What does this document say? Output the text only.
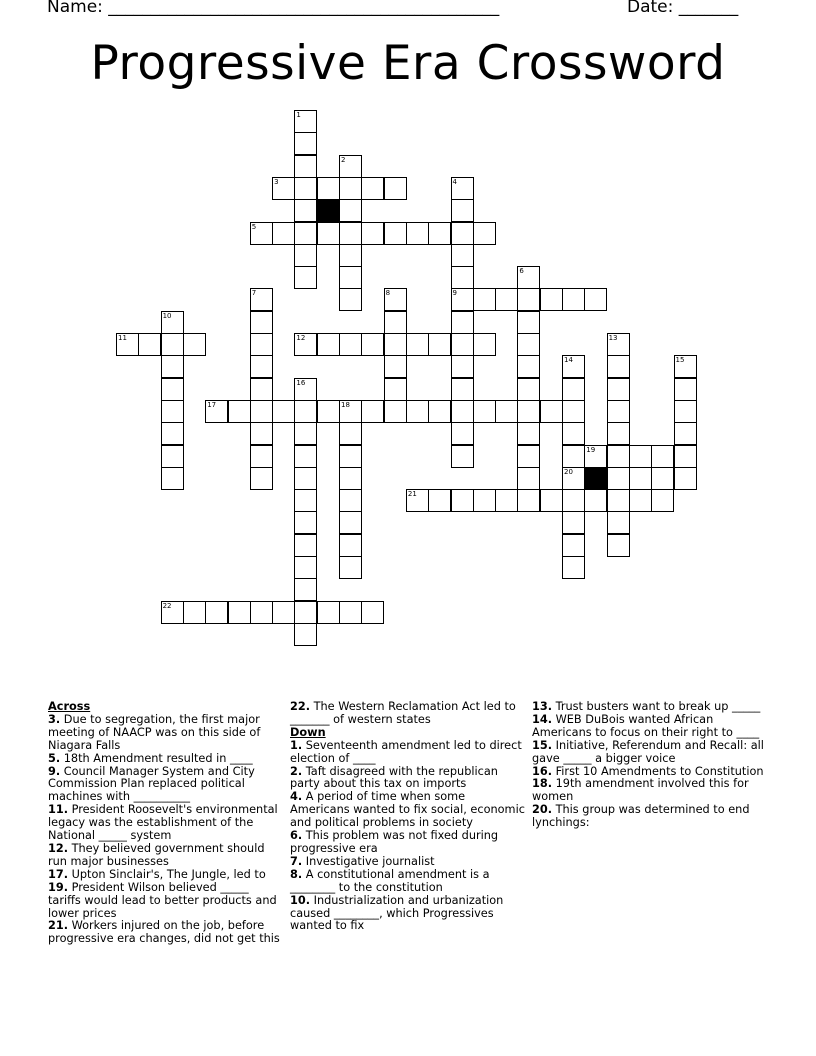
Name: ______________________________________________	Date: _______
Progressive Era Crossword
1
2
3	4
9
5
6
7	8
10
11	12	13
14
20
15
16
17	18
19
21
22
Across
3. Due to segregation, the first major meeting of NAACP was on this side of Niagara Falls
5. 18th Amendment resulted in ____
9. Council Manager System and City Commission Plan replaced political machines with __________
11. President Roosevelt's environmental legacy was the establishment of the National _____ system
12. They believed government should run major businesses
17. Upton Sinclair's, The Jungle, led to
19. President Wilson believed _____ tariffs would lead to better products and lower prices
21. Workers injured on the job, before progressive era changes, did not get this
22. The Western Reclamation Act led to _______ of western states
Down
1. Seventeenth amendment led to direct election of ____
2. Taft disagreed with the republican party about this tax on imports
4. A period of time when some Americans wanted to fix social, economic and political problems in society
6. This problem was not fixed during progressive era
7. Investigative journalist
8. A constitutional amendment is a ________ to the constitution
10. Industrialization and urbanization caused ________, which Progressives wanted to fix
13. Trust busters want to break up _____
14. WEB DuBois wanted African Americans to focus on their right to ____
15. Initiative, Referendum and Recall: all gave _____ a bigger voice
16. First 10 Amendments to Constitution
18. 19th amendment involved this for women
20. This group was determined to end lynchings:
